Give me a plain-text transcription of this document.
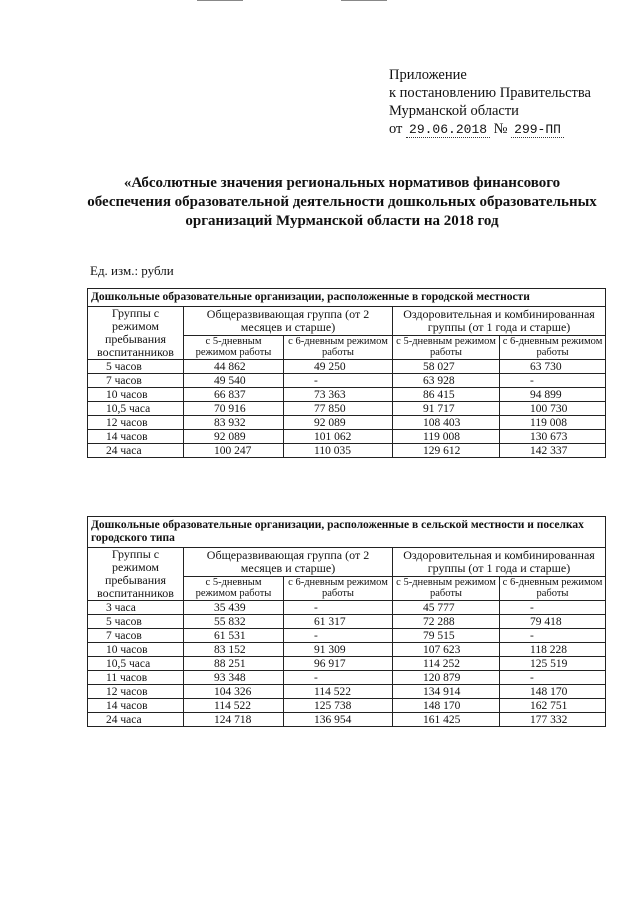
Приложение
к постановлению Правительства
Мурманской области
от 29.06.2018 № 299-ПП
«Абсолютные значения региональных нормативов финансового обеспечения образовательной деятельности дошкольных образовательных организаций Мурманской области на 2018 год
Ед. изм.: рубли
Дошкольные образовательные организации, расположенные в городской местности				
Группы с режимом пребывания воспитанников	Общеразвивающая группа (от 2 месяцев и старше)		Оздоровительная и комбинированная группы (от 1 года и старше)	
	с 5-дневным режимом работы	с 6-дневным режимом работы	с 5-дневным режимом работы	с 6-дневным режимом работы
5 часов	44 862	49 250	58 027	63 730
7 часов	49 540	-	63 928	-
10 часов	66 837	73 363	86 415	94 899
10,5 часа	70 916	77 850	91 717	100 730
12 часов	83 932	92 089	108 403	119 008
14 часов	92 089	101 062	119 008	130 673
24 часа	100 247	110 035	129 612	142 337
Дошкольные образовательные организации, расположенные в сельской местности и поселках городского типа				
Группы с режимом пребывания воспитанников	Общеразвивающая группа (от 2 месяцев и старше)		Оздоровительная и комбинированная группы (от 1 года и старше)	
	с 5-дневным режимом работы	с 6-дневным режимом работы	с 5-дневным режимом работы	с 6-дневным режимом работы
3 часа	35 439	-	45 777	-
5 часов	55 832	61 317	72 288	79 418
7 часов	61 531	-	79 515	-
10 часов	83 152	91 309	107 623	118 228
10,5 часа	88 251	96 917	114 252	125 519
11 часов	93 348	-	120 879	-
12 часов	104 326	114 522	134 914	148 170
14 часов	114 522	125 738	148 170	162 751
24 часа	124 718	136 954	161 425	177 332
